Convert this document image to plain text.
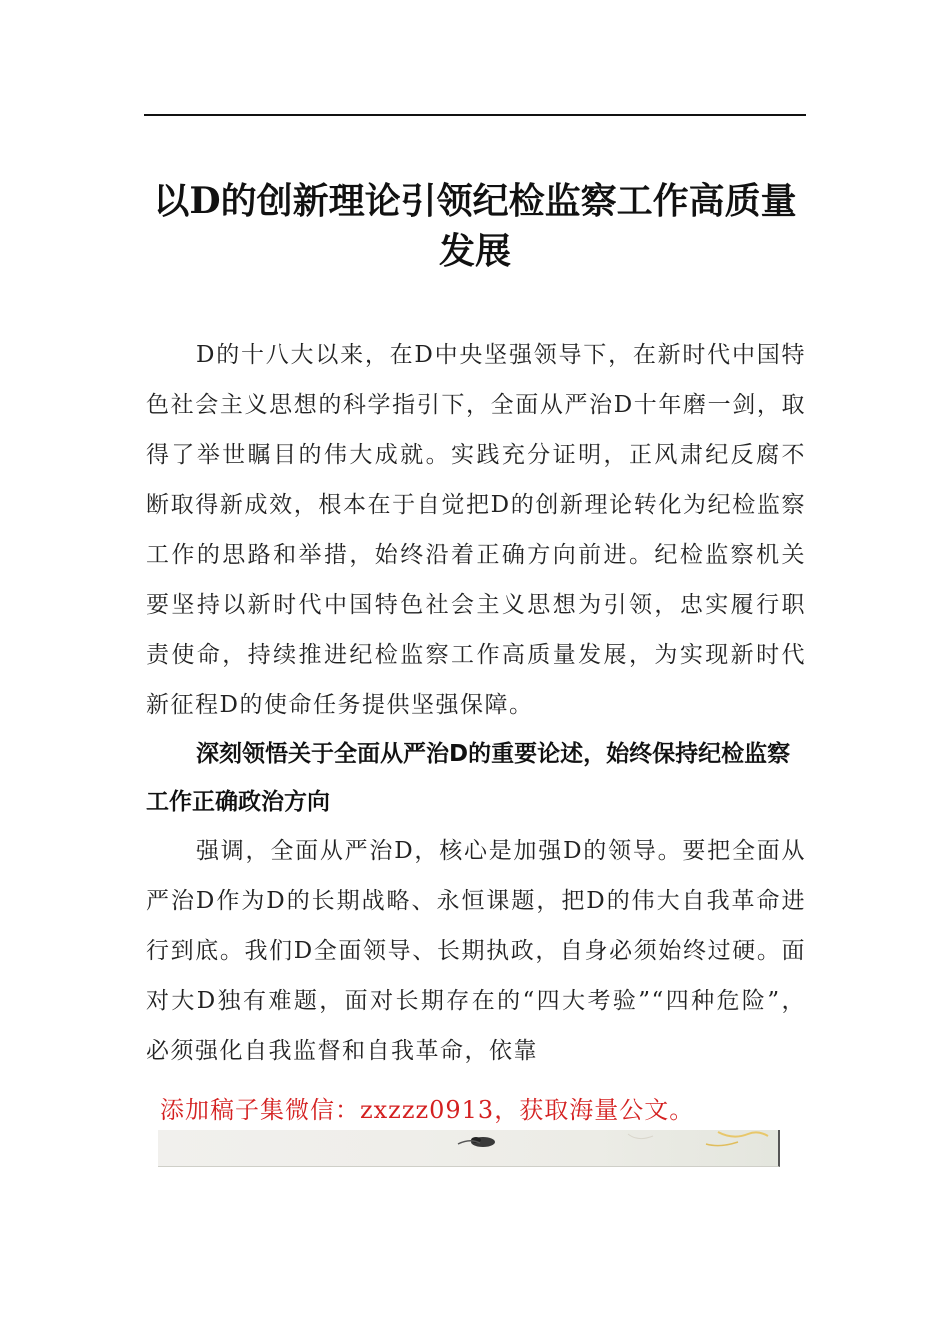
以D的创新理论引领纪检监察工作高质量发展
D的十八大以来，在D中央坚强领导下，在新时代中国特色社会主义思想的科学指引下，全面从严治D十年磨一剑，取得了举世瞩目的伟大成就。实践充分证明，正风肃纪反腐不断取得新成效，根本在于自觉把D的创新理论转化为纪检监察工作的思路和举措，始终沿着正确方向前进。纪检监察机关要坚持以新时代中国特色社会主义思想为引领，忠实履行职责使命，持续推进纪检监察工作高质量发展，为实现新时代新征程D的使命任务提供坚强保障。
深刻领悟关于全面从严治D的重要论述，始终保持纪检监察工作正确政治方向
强调，全面从严治D，核心是加强D的领导。要把全面从严治D作为D的长期战略、永恒课题，把D的伟大自我革命进行到底。我们D全面领导、长期执政，自身必须始终过硬。面对大D独有难题，面对长期存在的“四大考验”“四种危险”，必须强化自我监督和自我革命，依靠
添加稿子集微信：zxzzz0913，获取海量公文。
